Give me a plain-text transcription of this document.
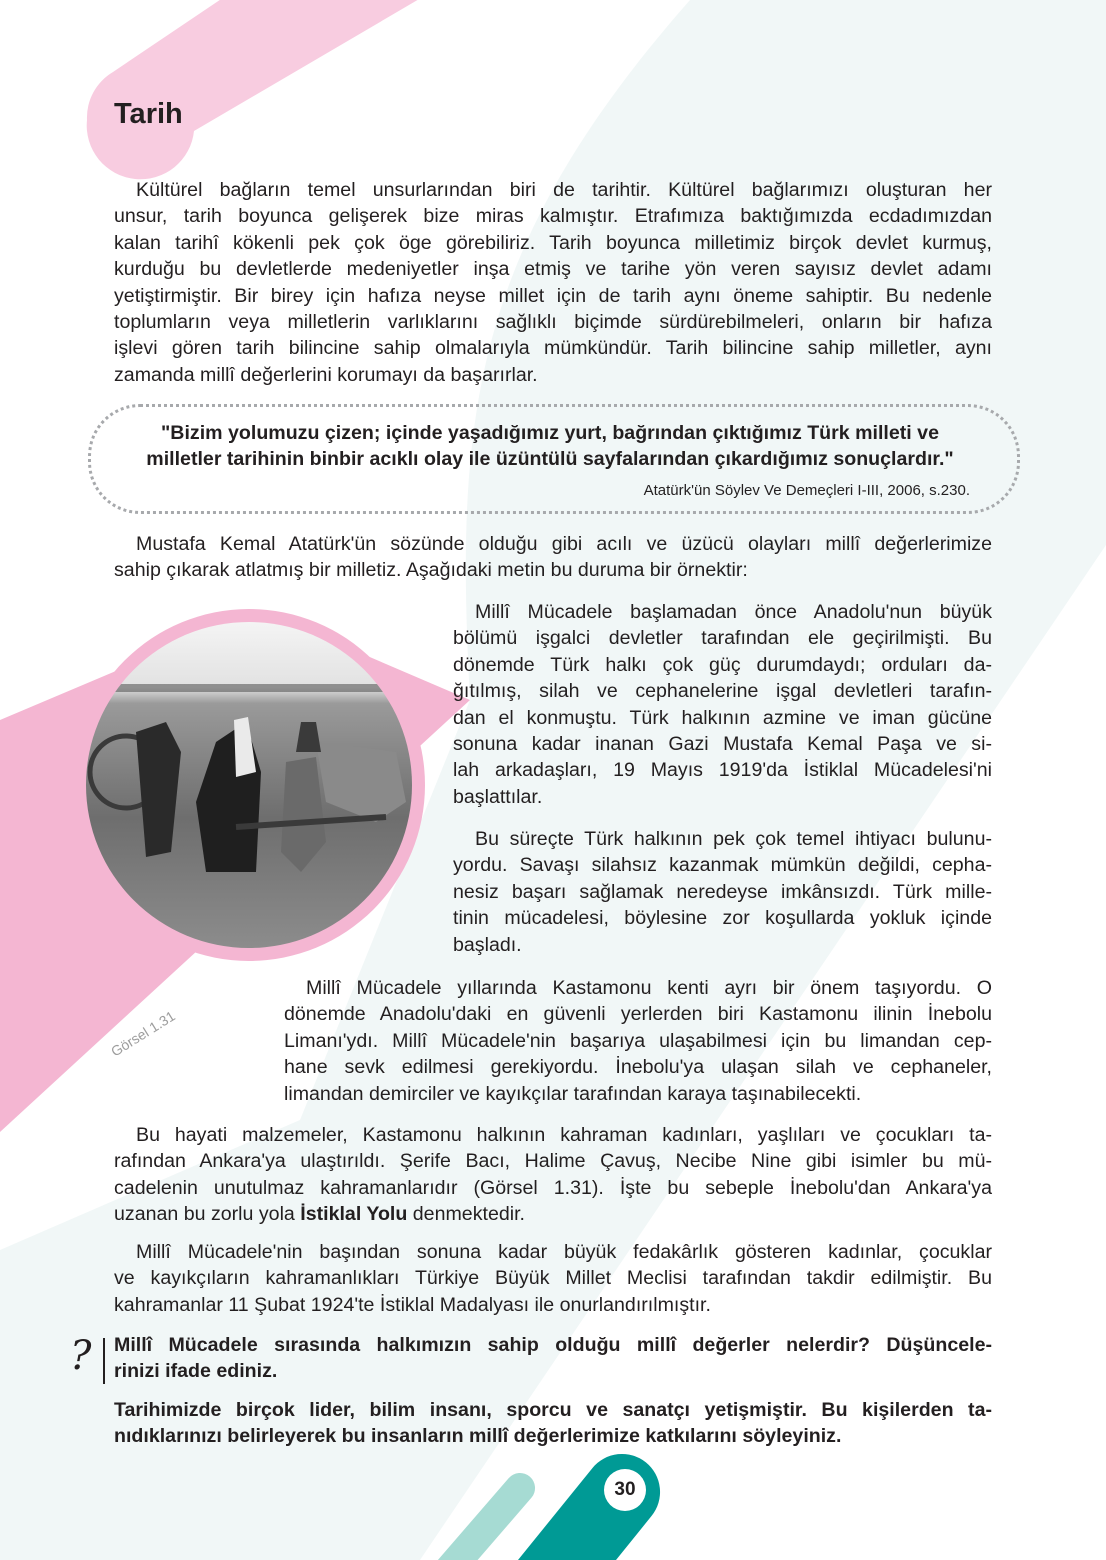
Tarih
Kültürel bağların temel unsurlarından biri de tarihtir. Kültürel bağlarımızı oluşturan her
unsur, tarih boyunca gelişerek bize miras kalmıştır. Etrafımıza baktığımızda ecdadımızdan
kalan tarihî kökenli pek çok öge görebiliriz. Tarih boyunca milletimiz birçok devlet kurmuş,
kurduğu bu devletlerde medeniyetler inşa etmiş ve tarihe yön veren sayısız devlet adamı
yetiştirmiştir. Bir birey için hafıza neyse millet için de tarih aynı öneme sahiptir. Bu nedenle
toplumların veya milletlerin varlıklarını sağlıklı biçimde sürdürebilmeleri, onların bir hafıza
işlevi gören tarih bilincine sahip olmalarıyla mümkündür. Tarih bilincine sahip milletler, aynı
zamanda millî değerlerini korumayı da başarırlar.
"Bizim yolumuzu çizen; içinde yaşadığımız yurt, bağrından çıktığımız Türk milleti ve
milletler tarihinin binbir acıklı olay ile üzüntülü sayfalarından çıkardığımız sonuçlardır."
Atatürk'ün Söylev Ve Demeçleri I-III, 2006, s.230.
Mustafa Kemal Atatürk'ün sözünde olduğu gibi acılı ve üzücü olayları millî değerlerimize
sahip çıkarak atlatmış bir milletiz. Aşağıdaki metin bu duruma bir örnektir:
Millî Mücadele başlamadan önce Anadolu'nun büyük
bölümü işgalci devletler tarafından ele geçirilmişti. Bu
dönemde Türk halkı çok güç durumdaydı; orduları da-
ğıtılmış, silah ve cephanelerine işgal devletleri tarafın-
dan el konmuştu. Türk halkının azmine ve iman gücüne
sonuna kadar inanan Gazi Mustafa Kemal Paşa ve si-
lah arkadaşları, 19 Mayıs 1919'da İstiklal Mücadelesi'ni
başlattılar.
Bu süreçte Türk halkının pek çok temel ihtiyacı bulunu-
yordu. Savaşı silahsız kazanmak mümkün değildi, cepha-
nesiz başarı sağlamak neredeyse imkânsızdı. Türk mille-
tinin mücadelesi, böylesine zor koşullarda yokluk içinde
başladı.
Millî Mücadele yıllarında Kastamonu kenti ayrı bir önem taşıyordu. O
dönemde Anadolu'daki en güvenli yerlerden biri Kastamonu ilinin İnebolu
Limanı'ydı. Millî Mücadele'nin başarıya ulaşabilmesi için bu limandan cep-
hane sevk edilmesi gerekiyordu. İnebolu'ya ulaşan silah ve cephaneler,
limandan demirciler ve kayıkçılar tarafından karaya taşınabilecekti.
Görsel 1.31
Bu hayati malzemeler, Kastamonu halkının kahraman kadınları, yaşlıları ve çocukları ta-
rafından Ankara'ya ulaştırıldı. Şerife Bacı, Halime Çavuş, Necibe Nine gibi isimler bu mü-
cadelenin unutulmaz kahramanlarıdır (Görsel 1.31). İşte bu sebeple İnebolu'dan Ankara'ya
uzanan bu zorlu yola İstiklal Yolu denmektedir.
Millî Mücadele'nin başından sonuna kadar büyük fedakârlık gösteren kadınlar, çocuklar
ve kayıkçıların kahramanlıkları Türkiye Büyük Millet Meclisi tarafından takdir edilmiştir. Bu
kahramanlar 11 Şubat 1924'te İstiklal Madalyası ile onurlandırılmıştır.
? Millî Mücadele sırasında halkımızın sahip olduğu millî değerler nelerdir? Düşüncele-
rinizi ifade ediniz.
Tarihimizde birçok lider, bilim insanı, sporcu ve sanatçı yetişmiştir. Bu kişilerden ta-
nıdıklarınızı belirleyerek bu insanların millî değerlerimize katkılarını söyleyiniz.
30
